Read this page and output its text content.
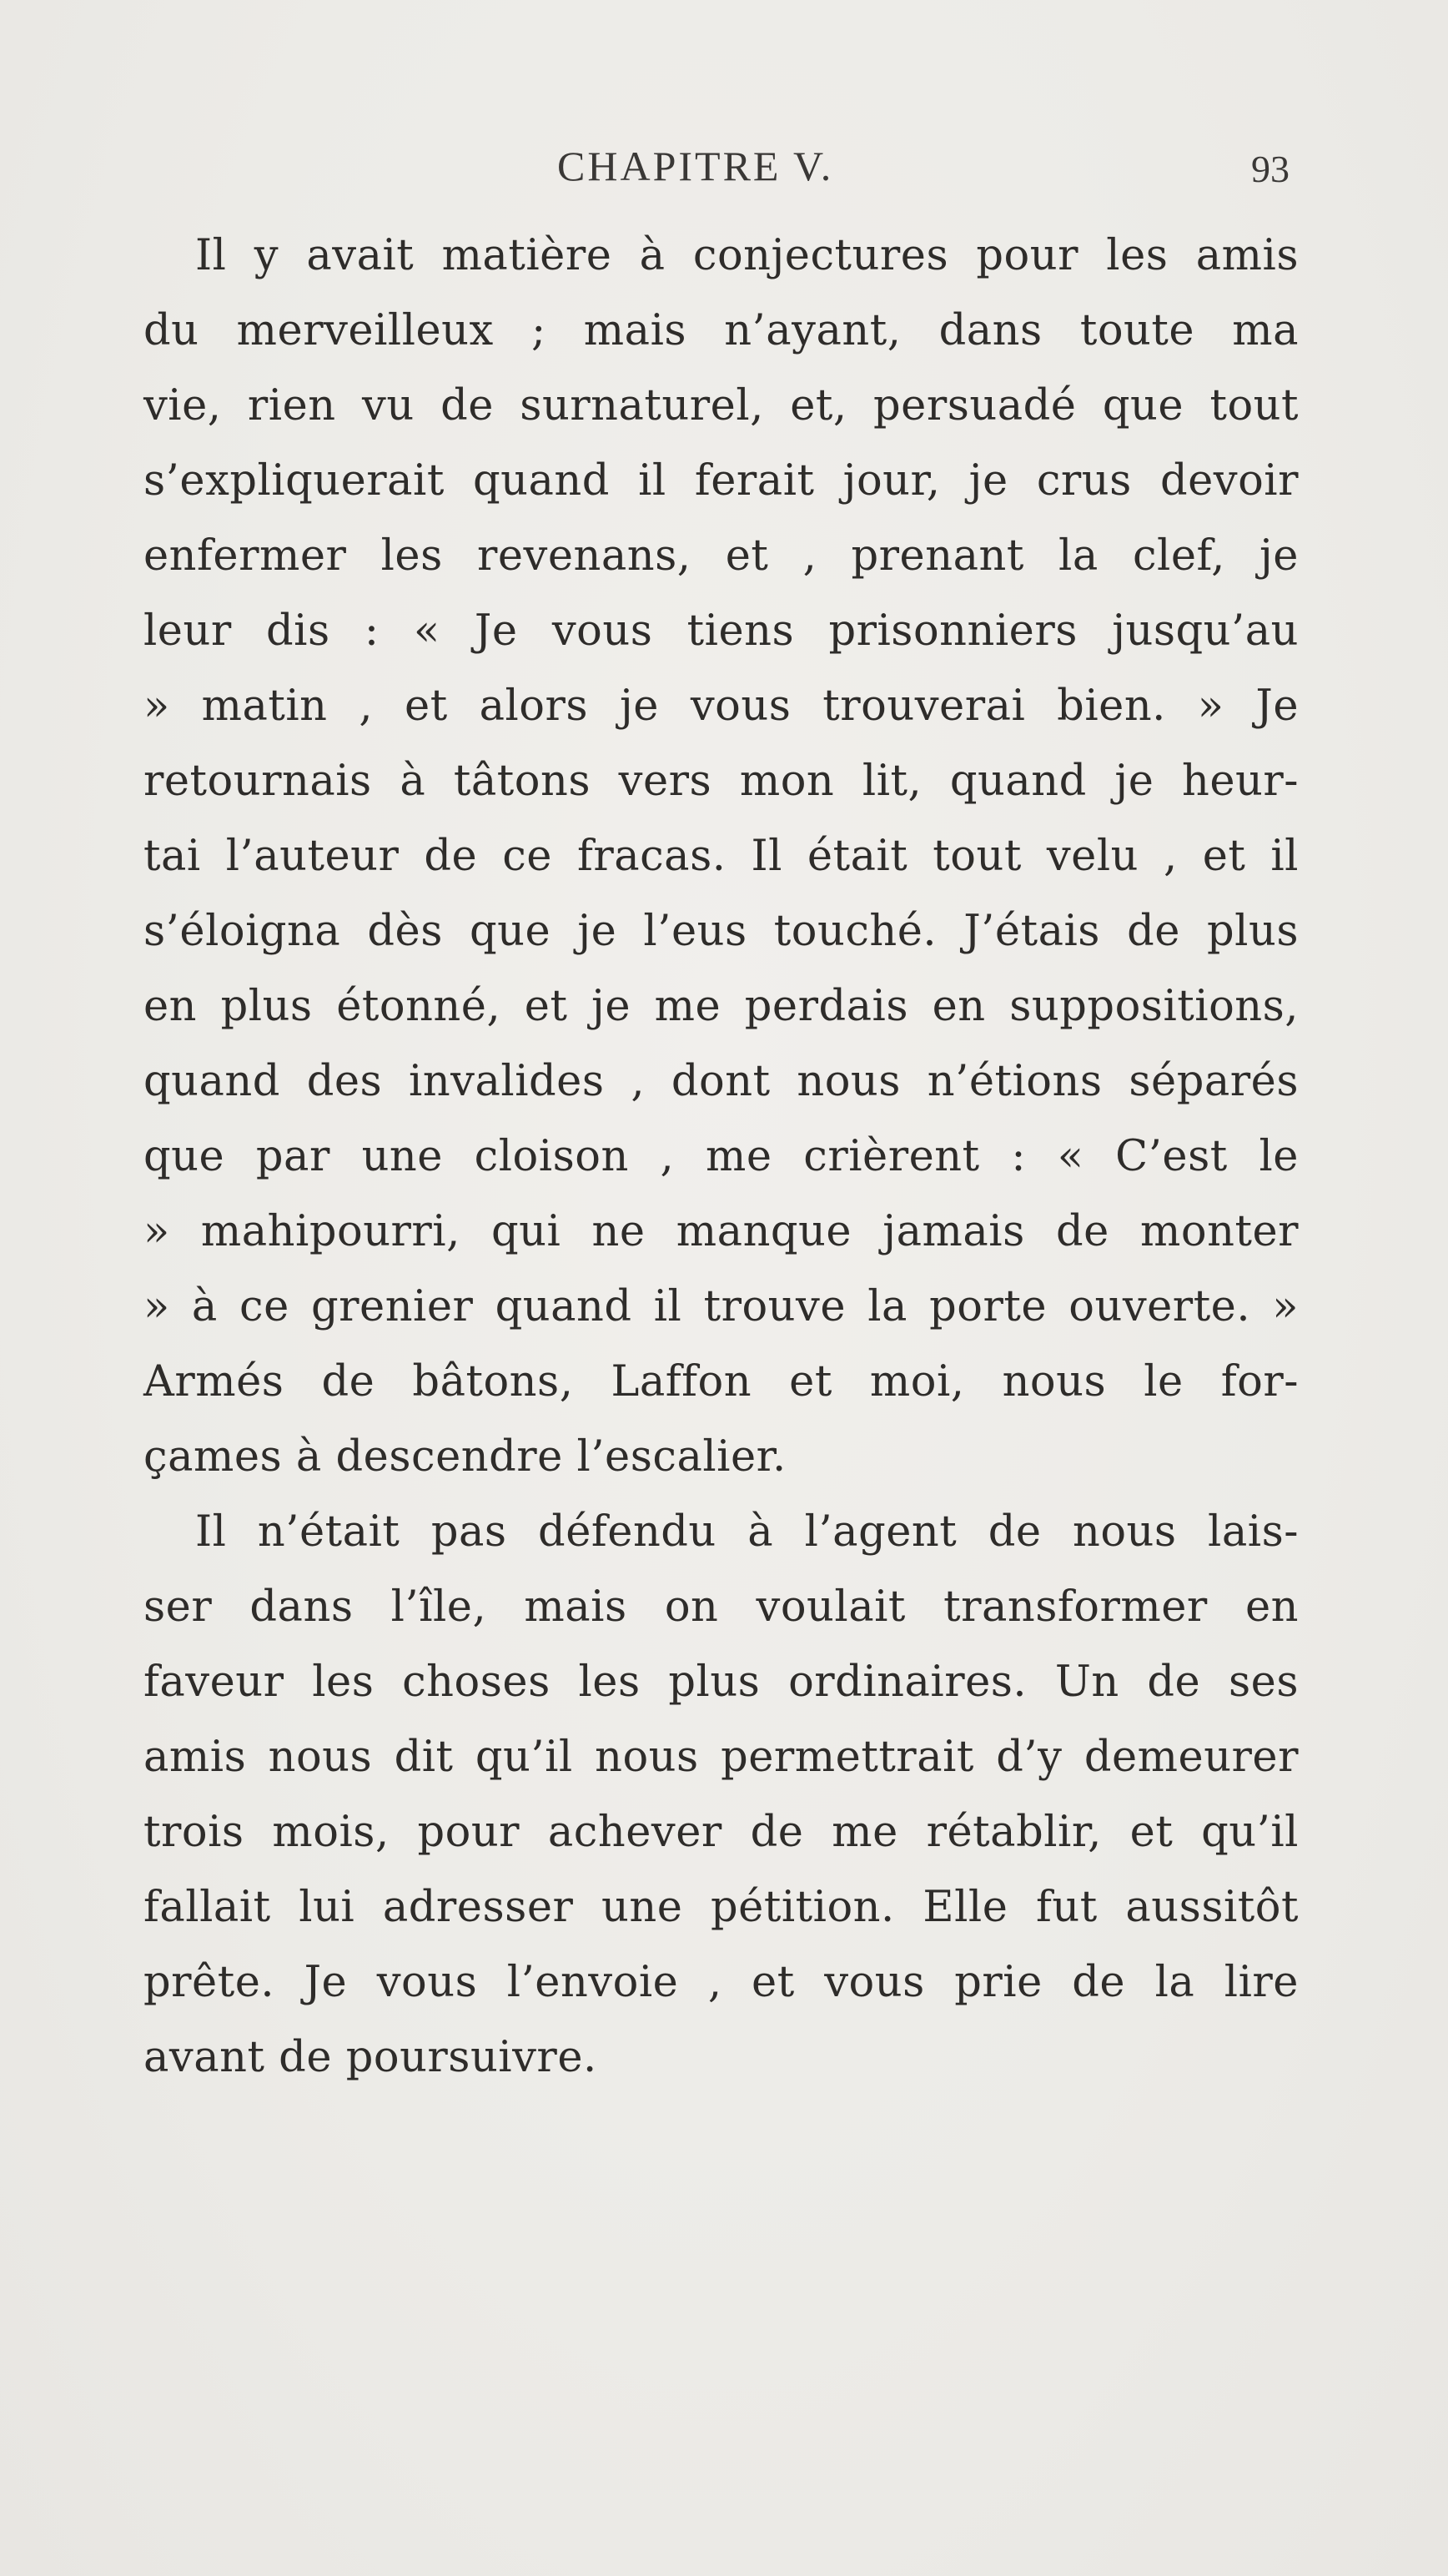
CHAPITRE V.	93
Il y avait matière à conjectures pour les amis
du merveilleux ; mais n’ayant, dans toute ma
vie, rien vu de surnaturel, et, persuadé que tout
s’expliquerait quand il ferait jour, je crus devoir
enfermer les revenans, et , prenant la clef, je
leur dis : « Je vous tiens prisonniers jusqu’au
» matin , et alors je vous trouverai bien. » Je
retournais à tâtons vers mon lit, quand je heur-
tai l’auteur de ce fracas. Il était tout velu , et il
s’éloigna dès que je l’eus touché. J’étais de plus
en plus étonné, et je me perdais en suppositions,
quand des invalides , dont nous n’étions séparés
que par une cloison , me crièrent : « C’est le
» mahipourri, qui ne manque jamais de monter
» à ce grenier quand il trouve la porte ouverte. »
Armés de bâtons, Laffon et moi, nous le for-
çames à descendre l’escalier.
Il n’était pas défendu à l’agent de nous lais-
ser dans l’île, mais on voulait transformer en
faveur les choses les plus ordinaires. Un de ses
amis nous dit qu’il nous permettrait d’y demeurer
trois mois, pour achever de me rétablir, et qu’il
fallait lui adresser une pétition. Elle fut aussitôt
prête. Je vous l’envoie , et vous prie de la lire
avant de poursuivre.
